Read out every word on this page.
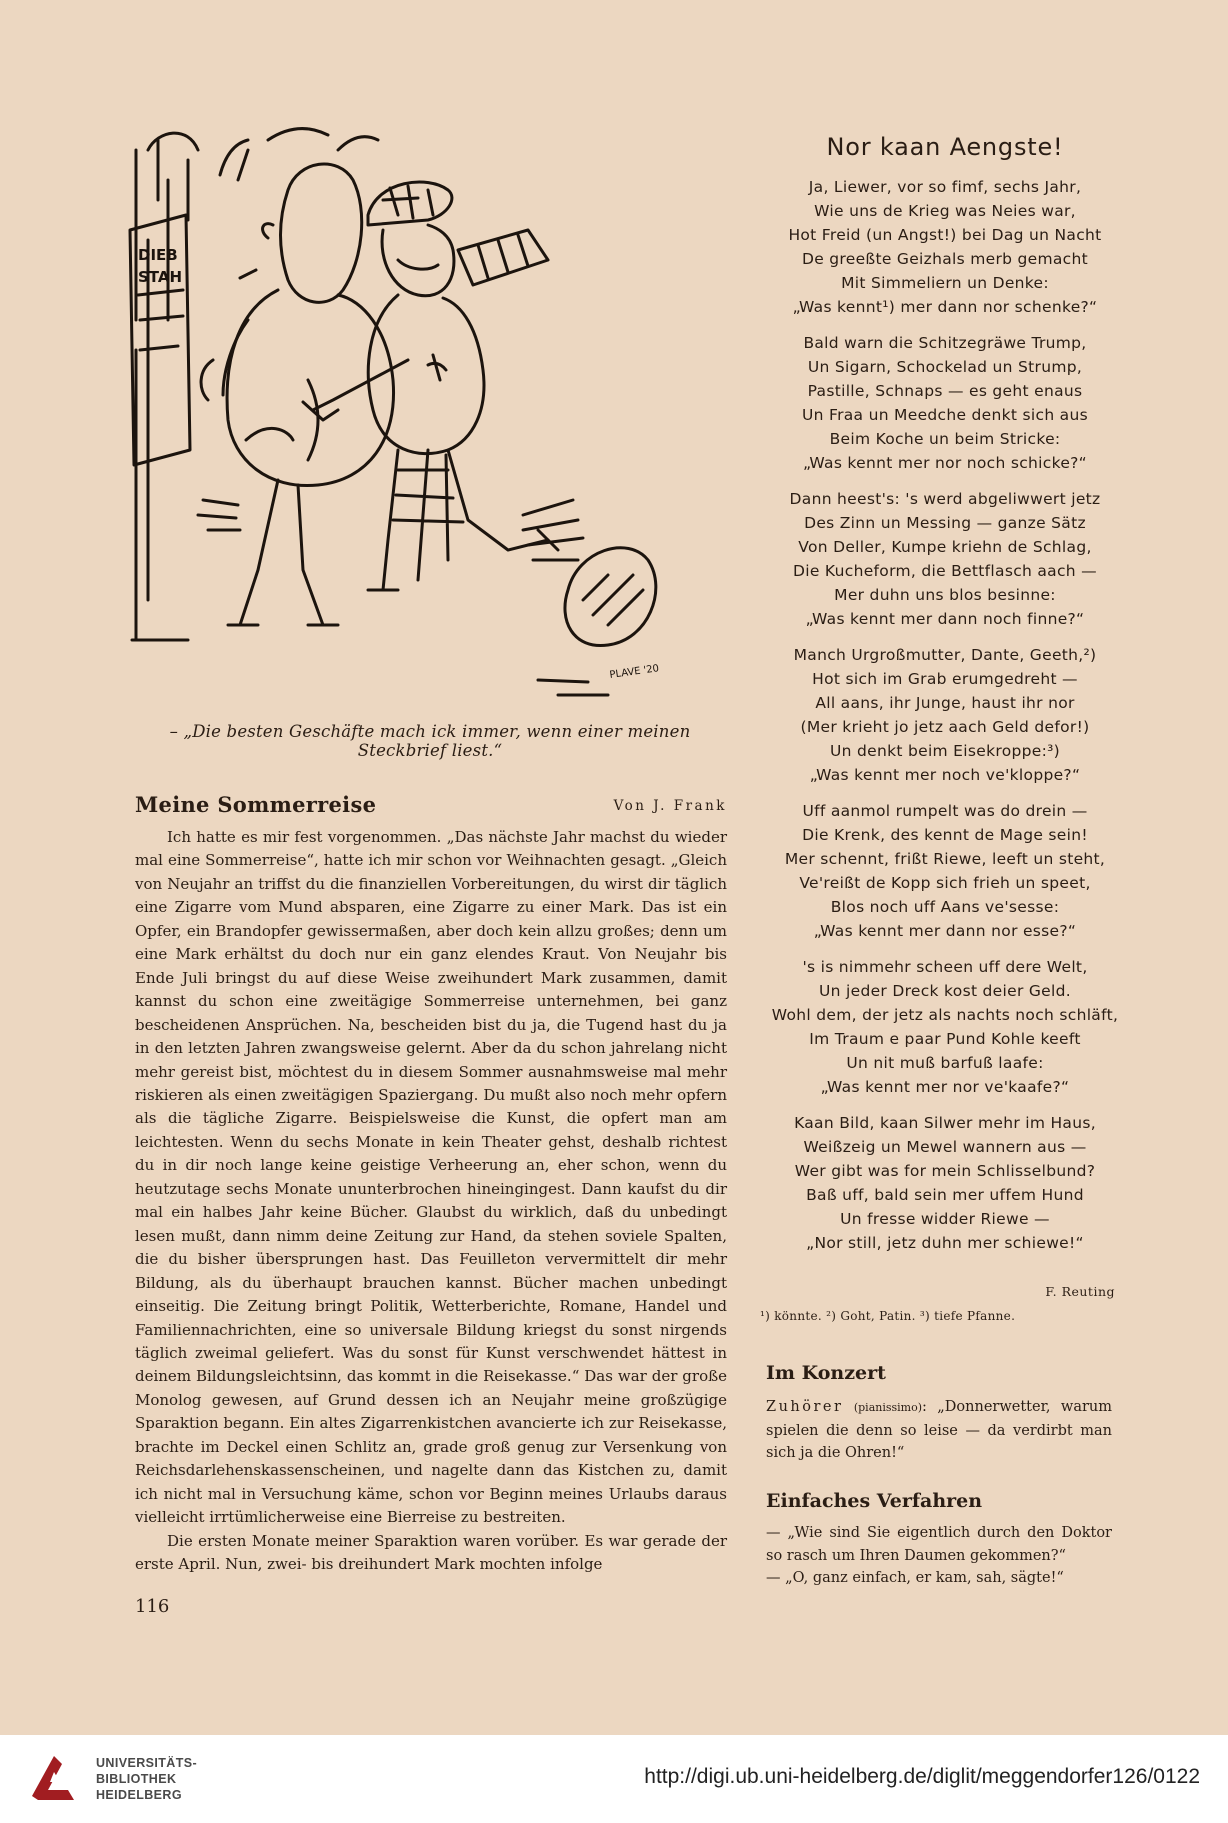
DIEB
STAH
PLAVE '20
– „Die besten Geschäfte mach ick immer, wenn einer meinen Steckbrief liest.“
Meine Sommerreise	Von J. Frank

Ich hatte es mir fest vorgenommen. „Das nächste Jahr machst du wieder mal eine Sommerreise“, hatte ich mir schon vor Weihnachten gesagt. „Gleich von Neujahr an triffst du die finanziellen Vorbereitungen, du wirst dir täglich eine Zigarre vom Mund absparen, eine Zigarre zu einer Mark. Das ist ein Opfer, ein Brandopfer gewissermaßen, aber doch kein allzu großes; denn um eine Mark erhältst du doch nur ein ganz elendes Kraut. Von Neujahr bis Ende Juli bringst du auf diese Weise zweihundert Mark zusammen, damit kannst du schon eine zweitägige Sommerreise unternehmen, bei ganz bescheidenen Ansprüchen. Na, bescheiden bist du ja, die Tugend hast du ja in den letzten Jahren zwangsweise gelernt. Aber da du schon jahrelang nicht mehr gereist bist, möchtest du in diesem Sommer ausnahmsweise mal mehr riskieren als einen zweitägigen Spaziergang. Du mußt also noch mehr opfern als die tägliche Zigarre. Beispielsweise die Kunst, die opfert man am leichtesten. Wenn du sechs Monate in kein Theater gehst, deshalb richtest du in dir noch lange keine geistige Verheerung an, eher schon, wenn du heutzutage sechs Monate ununterbrochen hineingingest. Dann kaufst du dir mal ein halbes Jahr keine Bücher. Glaubst du wirklich, daß du unbedingt lesen mußt, dann nimm deine Zeitung zur Hand, da stehen soviele Spalten, die du bisher übersprungen hast. Das Feuilleton ververmittelt dir mehr Bildung, als du überhaupt brauchen kannst. Bücher machen unbedingt einseitig. Die Zeitung bringt Politik, Wetterberichte, Romane, Handel und Familiennachrichten, eine so universale Bildung kriegst du sonst nirgends täglich zweimal geliefert. Was du sonst für Kunst verschwendet hättest in deinem Bildungsleichtsinn, das kommt in die Reisekasse.“ Das war der große Monolog gewesen, auf Grund dessen ich an Neujahr meine großzügige Sparaktion begann. Ein altes Zigarrenkistchen avancierte ich zur Reisekasse, brachte im Deckel einen Schlitz an, grade groß genug zur Versenkung von Reichsdarlehenskassenscheinen, und nagelte dann das Kistchen zu, damit ich nicht mal in Versuchung käme, schon vor Beginn meines Urlaubs daraus vielleicht irrtümlicherweise eine Bierreise zu bestreiten.

Die ersten Monate meiner Sparaktion waren vorüber. Es war gerade der erste April. Nun, zwei- bis dreihundert Mark mochten infolge

116
Nor kaan Aengste!
Ja, Liewer, vor so fimf, sechs Jahr,
Wie uns de Krieg was Neies war,
Hot Freid (un Angst!) bei Dag un Nacht
De greeßte Geizhals merb gemacht
Mit Simmeliern un Denke:
„Was kennt¹) mer dann nor schenke?“
Bald warn die Schitzegräwe Trump,
Un Sigarn, Schockelad un Strump,
Pastille, Schnaps — es geht enaus
Un Fraa un Meedche denkt sich aus
Beim Koche un beim Stricke:
„Was kennt mer nor noch schicke?“
Dann heest's: 's werd abgeliwwert jetz
Des Zinn un Messing — ganze Sätz
Von Deller, Kumpe kriehn de Schlag,
Die Kucheform, die Bettflasch aach —
Mer duhn uns blos besinne:
„Was kennt mer dann noch finne?“
Manch Urgroßmutter, Dante, Geeth,²)
Hot sich im Grab erumgedreht —
All aans, ihr Junge, haust ihr nor
(Mer krieht jo jetz aach Geld defor!)
Un denkt beim Eisekroppe:³)
„Was kennt mer noch ve'kloppe?“
Uff aanmol rumpelt was do drein —
Die Krenk, des kennt de Mage sein!
Mer schennt, frißt Riewe, leeft un steht,
Ve'reißt de Kopp sich frieh un speet,
Blos noch uff Aans ve'sesse:
„Was kennt mer dann nor esse?“
's is nimmehr scheen uff dere Welt,
Un jeder Dreck kost deier Geld.
Wohl dem, der jetz als nachts noch schläft,
Im Traum e paar Pund Kohle keeft
Un nit muß barfuß laafe:
„Was kennt mer nor ve'kaafe?“
Kaan Bild, kaan Silwer mehr im Haus,
Weißzeig un Mewel wannern aus —
Wer gibt was for mein Schlisselbund?
Baß uff, bald sein mer uffem Hund
Un fresse widder Riewe —
„Nor still, jetz duhn mer schiewe!“
F. Reuting
¹) könnte. ²) Goht, Patin. ³) tiefe Pfanne.
Im Konzert
Zuhörer (pianissimo): „Donnerwetter, warum spielen die denn so leise — da verdirbt man sich ja die Ohren!“
Einfaches Verfahren
— „Wie sind Sie eigentlich durch den Doktor so rasch um Ihren Daumen gekommen?“
— „O, ganz einfach, er kam, sah, sägte!“
UNIVERSITÄTS-
BIBLIOTHEK
HEIDELBERG
http://digi.ub.uni-heidelberg.de/diglit/meggendorfer126/0122
